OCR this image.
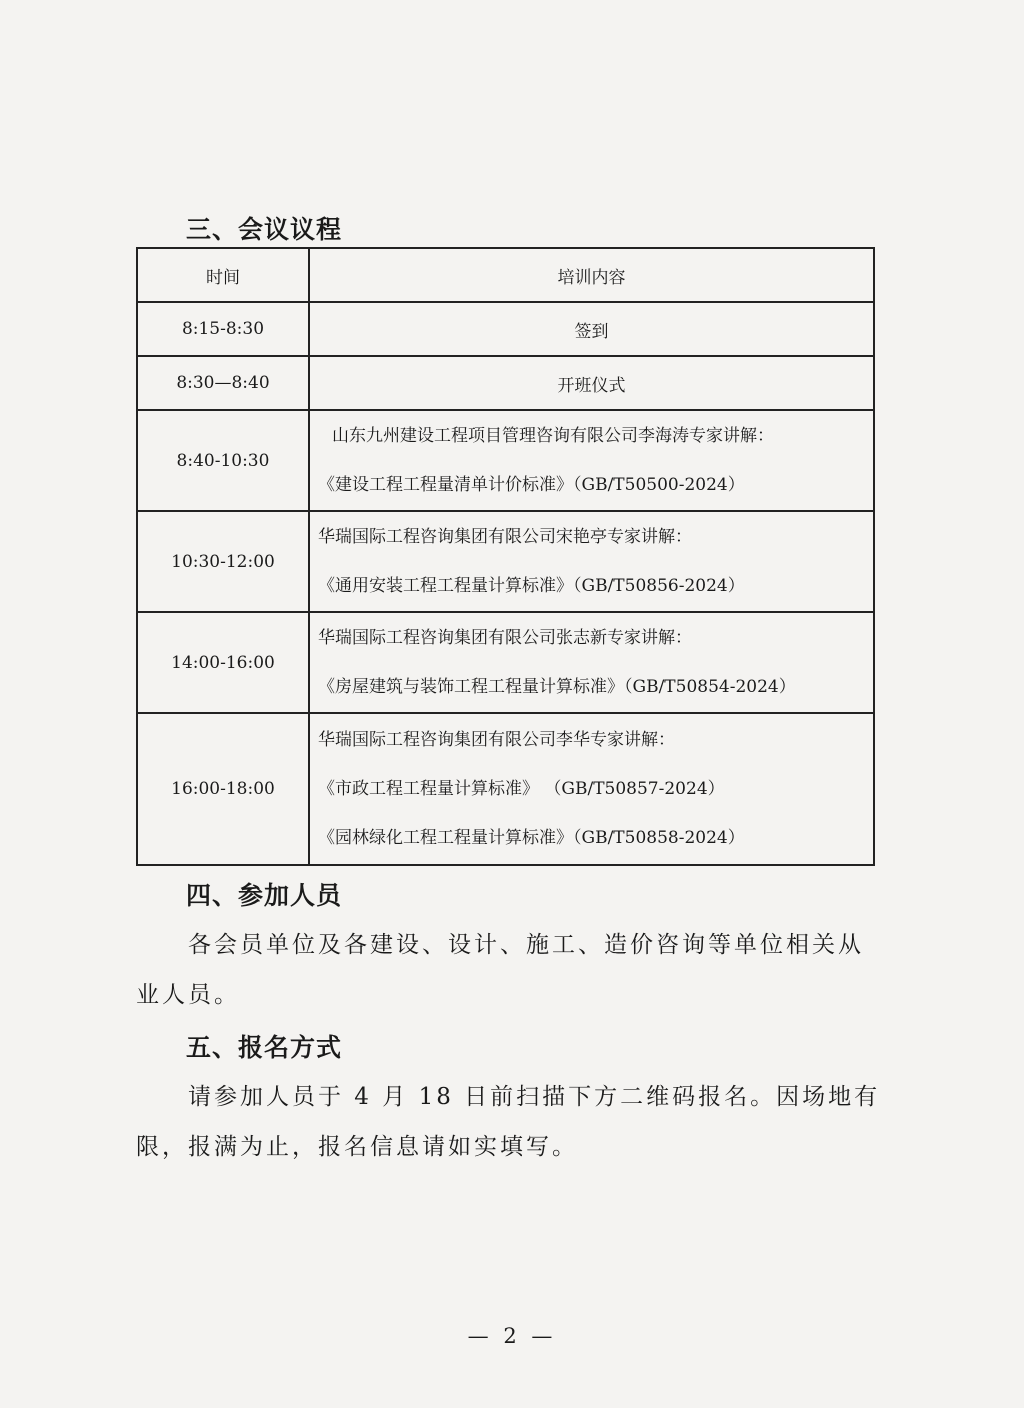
三、会议议程
时间	培训内容
8:15-8:30	签到
8:30—8:40	开班仪式
8:40-10:30	山东九州建设工程项目管理咨询有限公司李海涛专家讲解：
《建设工程工程量清单计价标准》（GB/T50500-2024）

10:30-12:00	华瑞国际工程咨询集团有限公司宋艳亭专家讲解：
《通用安装工程工程量计算标准》（GB/T50856-2024）

14:00-16:00	华瑞国际工程咨询集团有限公司张志新专家讲解：
《房屋建筑与装饰工程工程量计算标准》（GB/T50854-2024）

16:00-18:00	华瑞国际工程咨询集团有限公司李华专家讲解：
《市政工程工程量计算标准》 （GB/T50857-2024）
《园林绿化工程工程量计算标准》（GB/T50858-2024）
四、参加人员

各会员单位及各建设、设计、施工、造价咨询等单位相关从业人员。

五、报名方式

请参加人员于 4 月 18 日前扫描下方二维码报名。因场地有限，报满为止，报名信息请如实填写。

— 2 —
